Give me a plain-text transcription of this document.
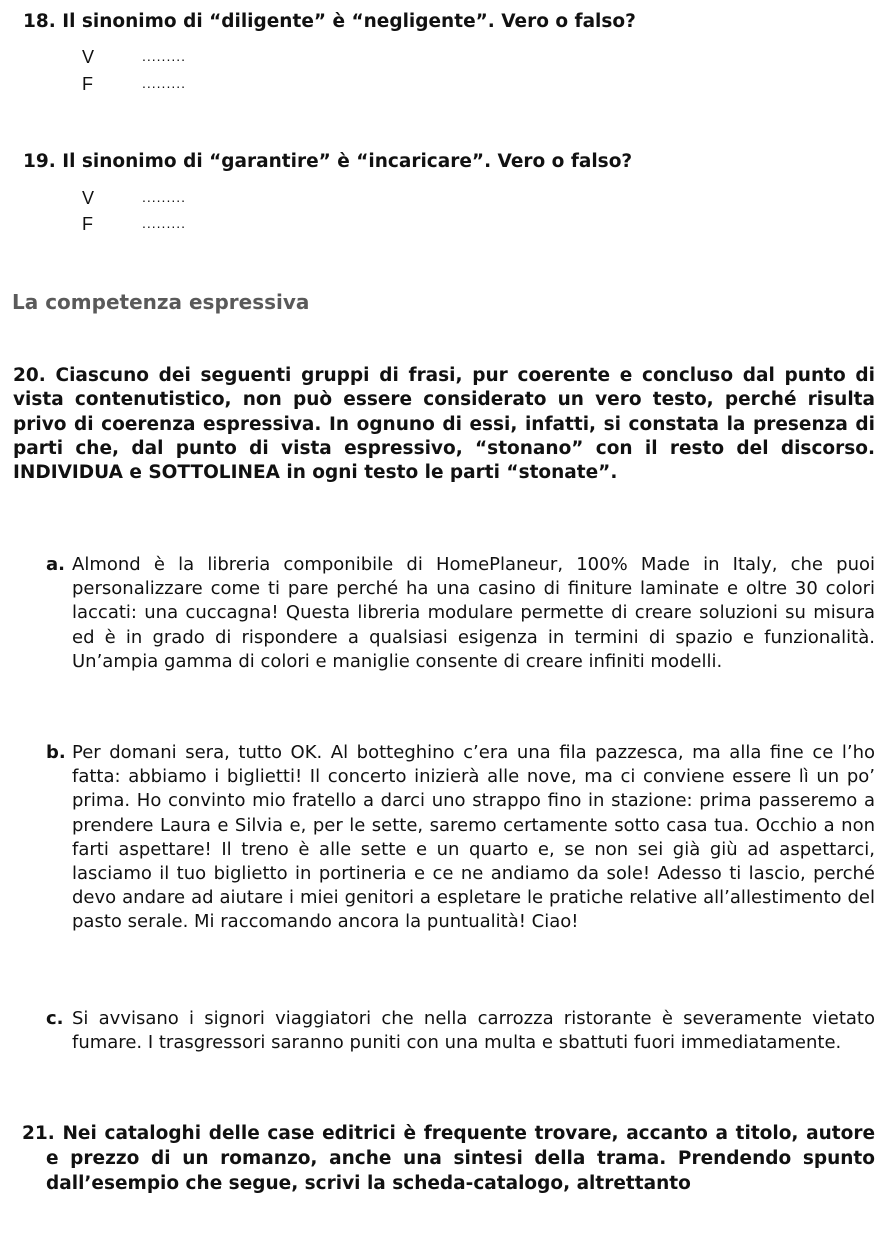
18. Il sinonimo di “diligente” è “negligente”. Vero o falso?

V	.........
F	.........

19. Il sinonimo di “garantire” è “incaricare”. Vero o falso?

V	.........
F	.........
La competenza espressiva

20. Ciascuno dei seguenti gruppi di frasi, pur coerente e concluso dal punto di vista contenutistico, non può essere considerato un vero testo, perché risulta privo di coerenza espressiva. In ognuno di essi, infatti, si constata la presenza di parti che, dal punto di vista espressivo, “stonano” con il resto del discorso. INDIVIDUA e SOTTOLINEA in ogni testo le parti “stonate”.

a. Almond è la libreria componibile di HomePlaneur, 100% Made in Italy, che puoi personalizzare come ti pare perché ha una casino di finiture laminate e oltre 30 colori laccati: una cuccagna! Questa libreria modulare permette di creare soluzioni su misura ed è in grado di rispondere a qualsiasi esigenza in termini di spazio e funzionalità. Un’ampia gamma di colori e maniglie consente di creare infiniti modelli.
b. Per domani sera, tutto OK. Al botteghino c’era una fila pazzesca, ma alla fine ce l’ho fatta: abbiamo i biglietti! Il concerto inizierà alle nove, ma ci conviene essere lì un po’ prima. Ho convinto mio fratello a darci uno strappo fino in stazione: prima passeremo a prendere Laura e Silvia e, per le sette, saremo certamente sotto casa tua. Occhio a non farti aspettare! Il treno è alle sette e un quarto e, se non sei già giù ad aspettarci, lasciamo il tuo biglietto in portineria e ce ne andiamo da sole! Adesso ti lascio, perché devo andare ad aiutare i miei genitori a espletare le pratiche relative all’allestimento del pasto serale. Mi raccomando ancora la puntualità! Ciao!
c. Si avvisano i signori viaggiatori che nella carrozza ristorante è severamente vietato fumare. I trasgressori saranno puniti con una multa e sbattuti fuori immediatamente.

21. Nei cataloghi delle case editrici è frequente trovare, accanto a titolo, autore e prezzo di un romanzo, anche una sintesi della trama. Prendendo spunto dall’esempio che segue, scrivi la scheda-catalogo, altrettanto
